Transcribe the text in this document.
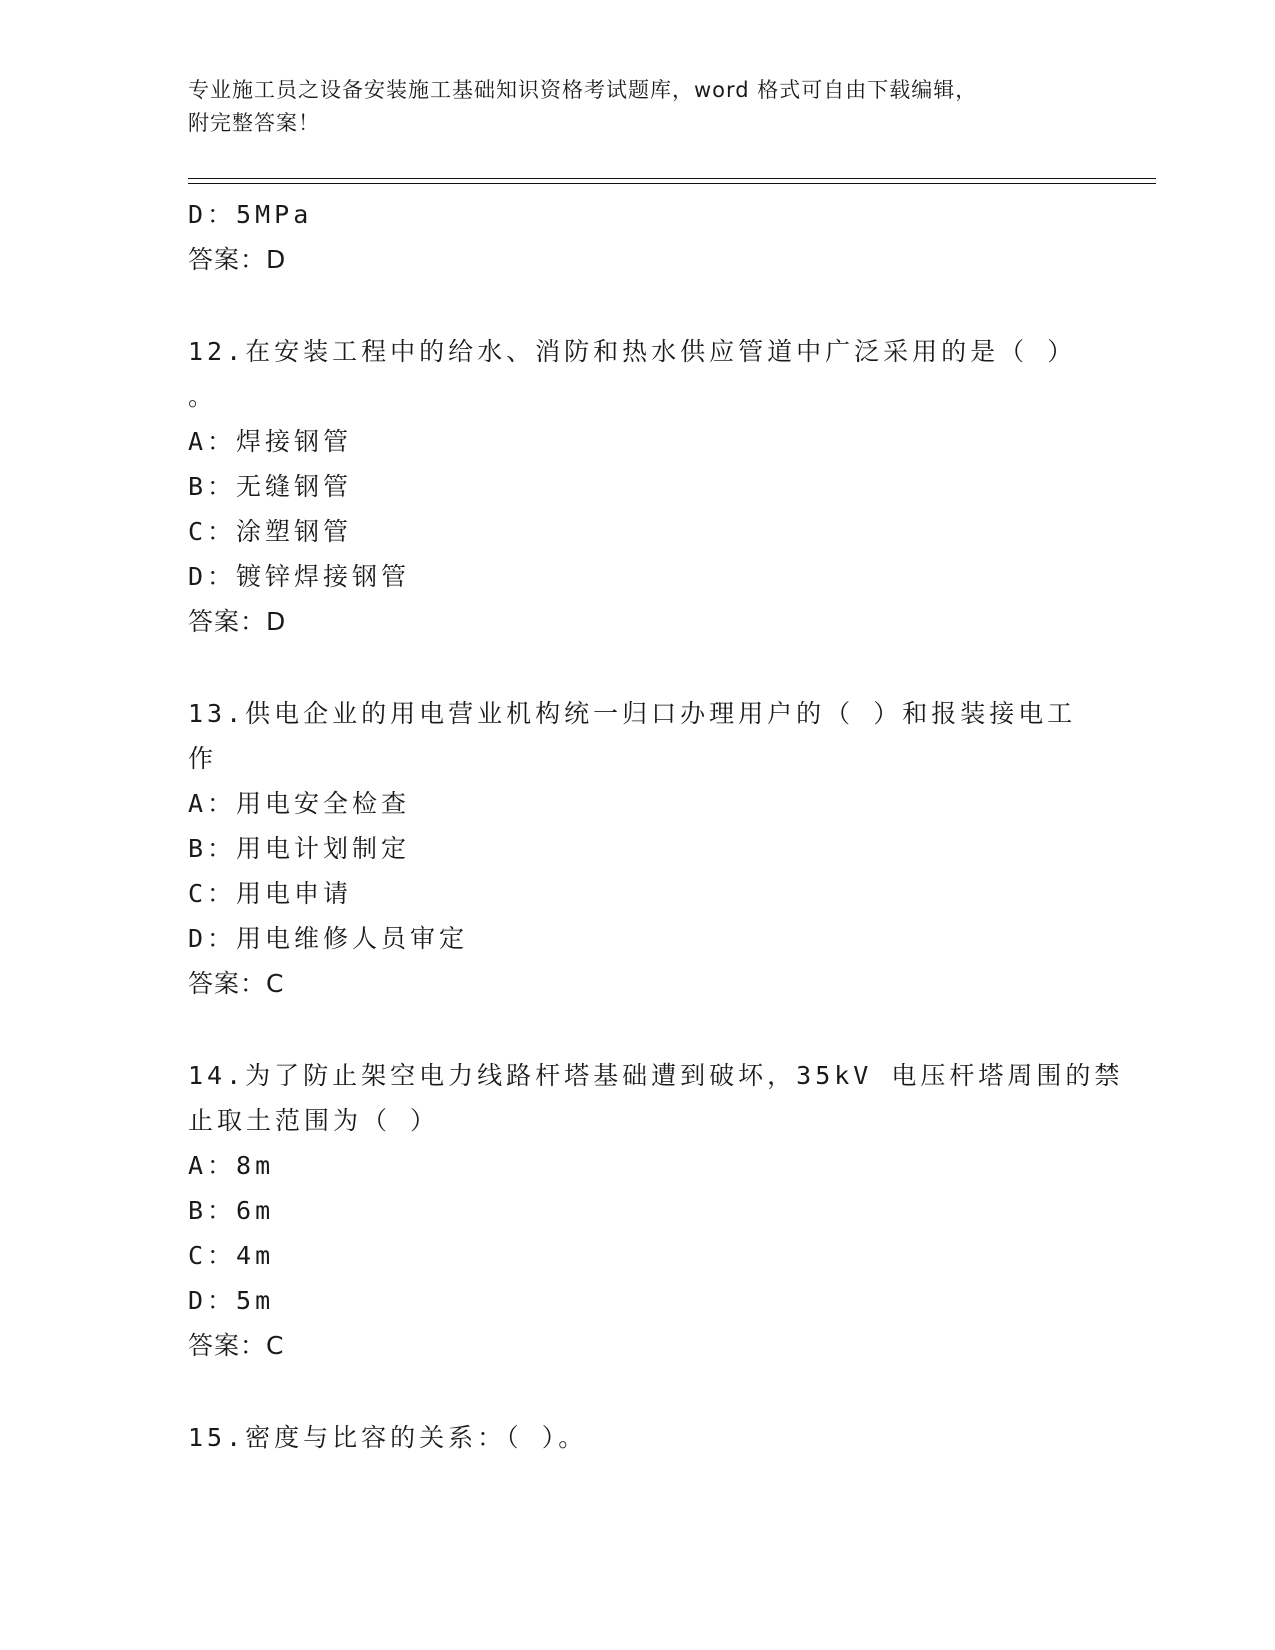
专业施工员之设备安装施工基础知识资格考试题库，word 格式可自由下载编辑，
附完整答案！
D：5MPa
答案：D
12.在安装工程中的给水、消防和热水供应管道中广泛采用的是（ ）
。
A：焊接钢管
B：无缝钢管
C：涂塑钢管
D：镀锌焊接钢管
答案：D
13.供电企业的用电营业机构统一归口办理用户的（ ）和报装接电工
作
A：用电安全检查
B：用电计划制定
C：用电申请
D：用电维修人员审定
答案：C
14.为了防止架空电力线路杆塔基础遭到破坏，35kV 电压杆塔周围的禁
止取土范围为（ ）
A：8m
B：6m
C：4m
D：5m
答案：C
15.密度与比容的关系：（ ）。
